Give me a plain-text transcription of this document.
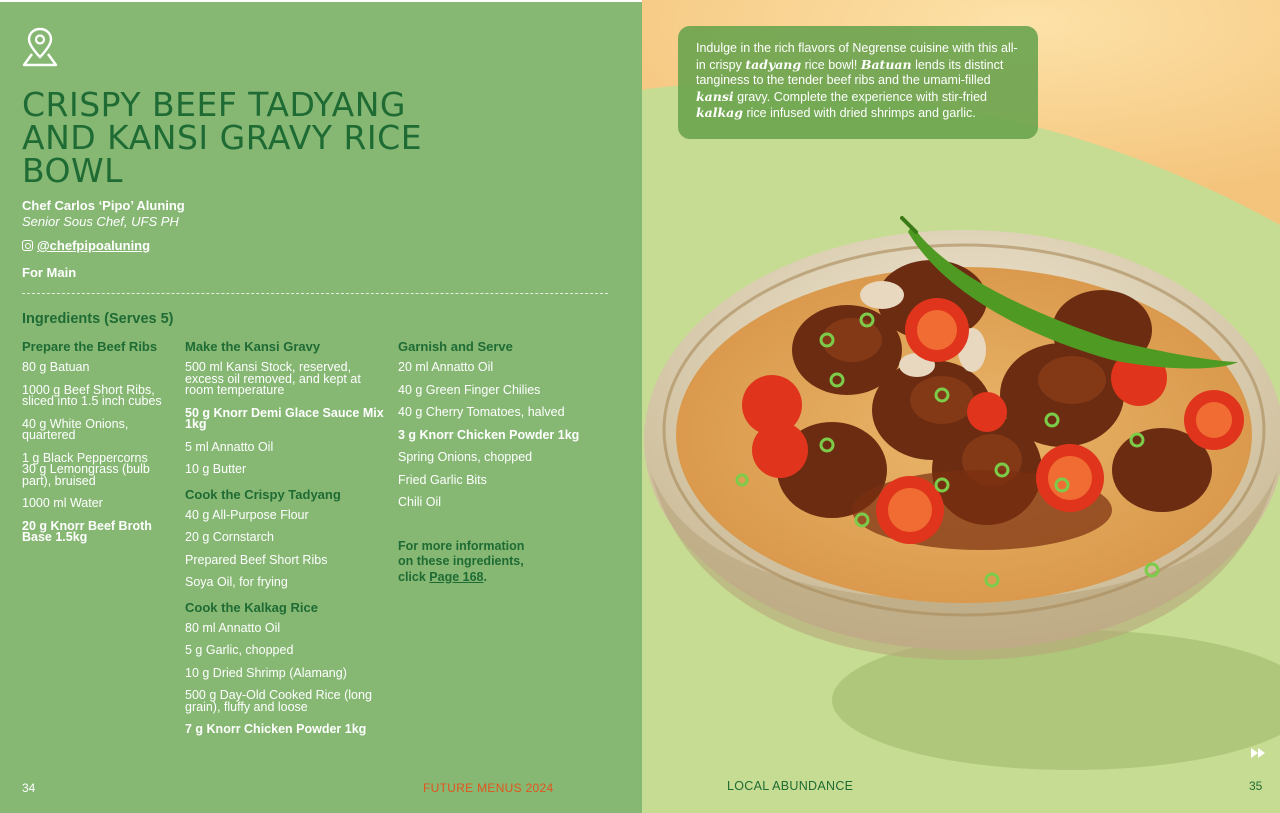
CRISPY BEEF TADYANG AND KANSI GRAVY RICE BOWL
Chef Carlos ‘Pipo’ Aluning
Senior Sous Chef, UFS PH
@chefpipoaluning
For Main
Ingredients (Serves 5)
Prepare the Beef Ribs
80 g Batuan
1000 g Beef Short Ribs, sliced into 1.5 inch cubes
40 g White Onions, quartered
1 g Black Peppercorns
30 g Lemongrass (bulb part), bruised
1000 ml Water
20 g Knorr Beef Broth Base 1.5kg
Make the Kansi Gravy
500 ml Kansi Stock, reserved, excess oil removed, and kept at room temperature
50 g Knorr Demi Glace Sauce Mix 1kg
5 ml Annatto Oil
10 g Butter
Cook the Crispy Tadyang
40 g All-Purpose Flour
20 g Cornstarch
Prepared Beef Short Ribs
Soya Oil, for frying
Cook the Kalkag Rice
80 ml Annatto Oil
5 g Garlic, chopped
10 g Dried Shrimp (Alamang)
500 g Day-Old Cooked Rice (long grain), fluffy and loose
7 g Knorr Chicken Powder 1kg
Garnish and Serve
20 ml Annatto Oil
40 g Green Finger Chilies
40 g Cherry Tomatoes, halved
3 g Knorr Chicken Powder 1kg
Spring Onions, chopped
Fried Garlic Bits
Chili Oil
For more information
on these ingredients,
click Page 168.
34	FUTURE MENUS 2024
Indulge in the rich flavors of Negrense cuisine with this all-in crispy tadyang rice bowl! Batuan lends its distinct tanginess to the tender beef ribs and the umami-filled kansi gravy. Complete the experience with stir-fried kalkag rice infused with dried shrimps and garlic.
LOCAL ABUNDANCE	35
